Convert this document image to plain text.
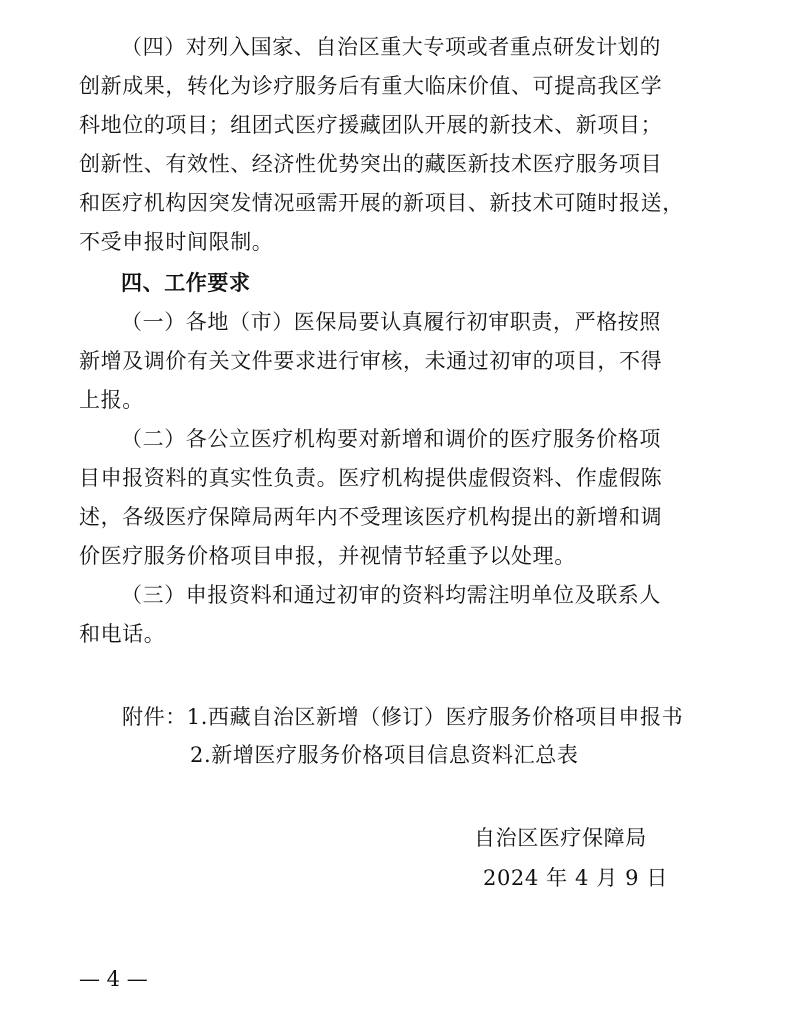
（四）对列入国家、自治区重大专项或者重点研发计划的
创新成果，转化为诊疗服务后有重大临床价值、可提高我区学
科地位的项目；组团式医疗援藏团队开展的新技术、新项目；
创新性、有效性、经济性优势突出的藏医新技术医疗服务项目
和医疗机构因突发情况亟需开展的新项目、新技术可随时报送，
不受申报时间限制。
四、工作要求
（一）各地（市）医保局要认真履行初审职责，严格按照
新增及调价有关文件要求进行审核，未通过初审的项目，不得
上报。
（二）各公立医疗机构要对新增和调价的医疗服务价格项
目申报资料的真实性负责。医疗机构提供虚假资料、作虚假陈
述，各级医疗保障局两年内不受理该医疗机构提出的新增和调
价医疗服务价格项目申报，并视情节轻重予以处理。
（三）申报资料和通过初审的资料均需注明单位及联系人
和电话。
附件：1.西藏自治区新增（修订）医疗服务价格项目申报书
2.新增医疗服务价格项目信息资料汇总表
自治区医疗保障局
2024 年 4 月 9 日
— 4 —
